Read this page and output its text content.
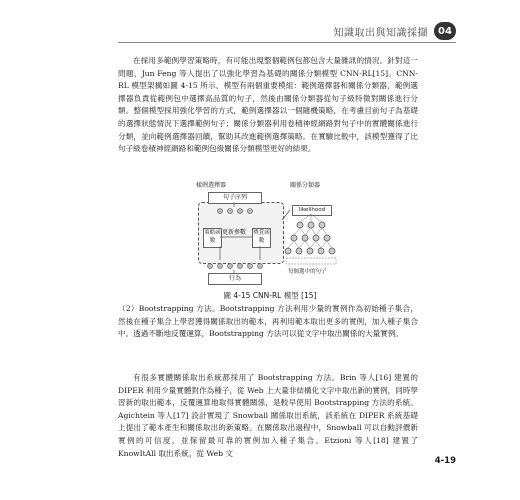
知識取出與知識採擷	04
在採用多範例學習策略時，有可能出現整個範例包都包含大量雜訊的情況。針對這一問題，Jun Feng 等人提出了以強化學習為基礎的關係分類模型 CNN-RL[15]。CNN-RL 模型架構如圖 4-15 所示，模型有兩個重要模組：範例選擇器和關係分類器，範例選擇器負責從範例包中選擇高品質的句子，然後由關係分類器從句子級特徵對關係進行分類。整個模型採用強化學習的方式，範例選擇器以一個隨機策略，在考慮目前句子為基礎的選擇狀態情況下選擇範例句子；關係分類器利用卷積神經網路對句子中的實體關係進行分類，並向範例選擇器回饋，幫助其改進範例選擇策略。在實驗比較中，該模型獲得了比句子級卷積神經網路和範例包級關係分類模型更好的結果。
樣例選擇器	關係分類器
句子序列
策略函數
獎賞函數
更新參數
likelihood
行為
每個選中的句子
圖 4-15 CNN-RL 模型 [15]
（2）Bootstrapping 方法。Bootstrapping 方法利用少量的實例作為初始種子集合，然後在種子集合上學習獲得關係取出的範本，再利用範本取出更多的實例，加入種子集合中。透過不斷地反覆運算，Bootstrapping 方法可以從文字中取出關係的大量實例。
有很多實體關係取出系統都採用了 Bootstrapping 方法。Brin 等人[16] 建置的 DIPER 利用少量實體對作為種子，從 Web 上大量非結構化文字中取出新的實例，同時學習新的取出範本，反覆運算地取得實體關係，是較早使用 Bootstrapping 方法的系統。Agichtein 等人[17] 設計實現了 Snowball 關係取出系統，該系統在 DIPER 系統基礎上提出了範本產生和關係取出的新策略。在關係取出過程中，Snowball 可以自動評價新實例的可信度，並保留最可靠的實例加入種子集合。Etzioni 等人[18] 建置了 KnowItAll 取出系統，從 Web 文
4-19
